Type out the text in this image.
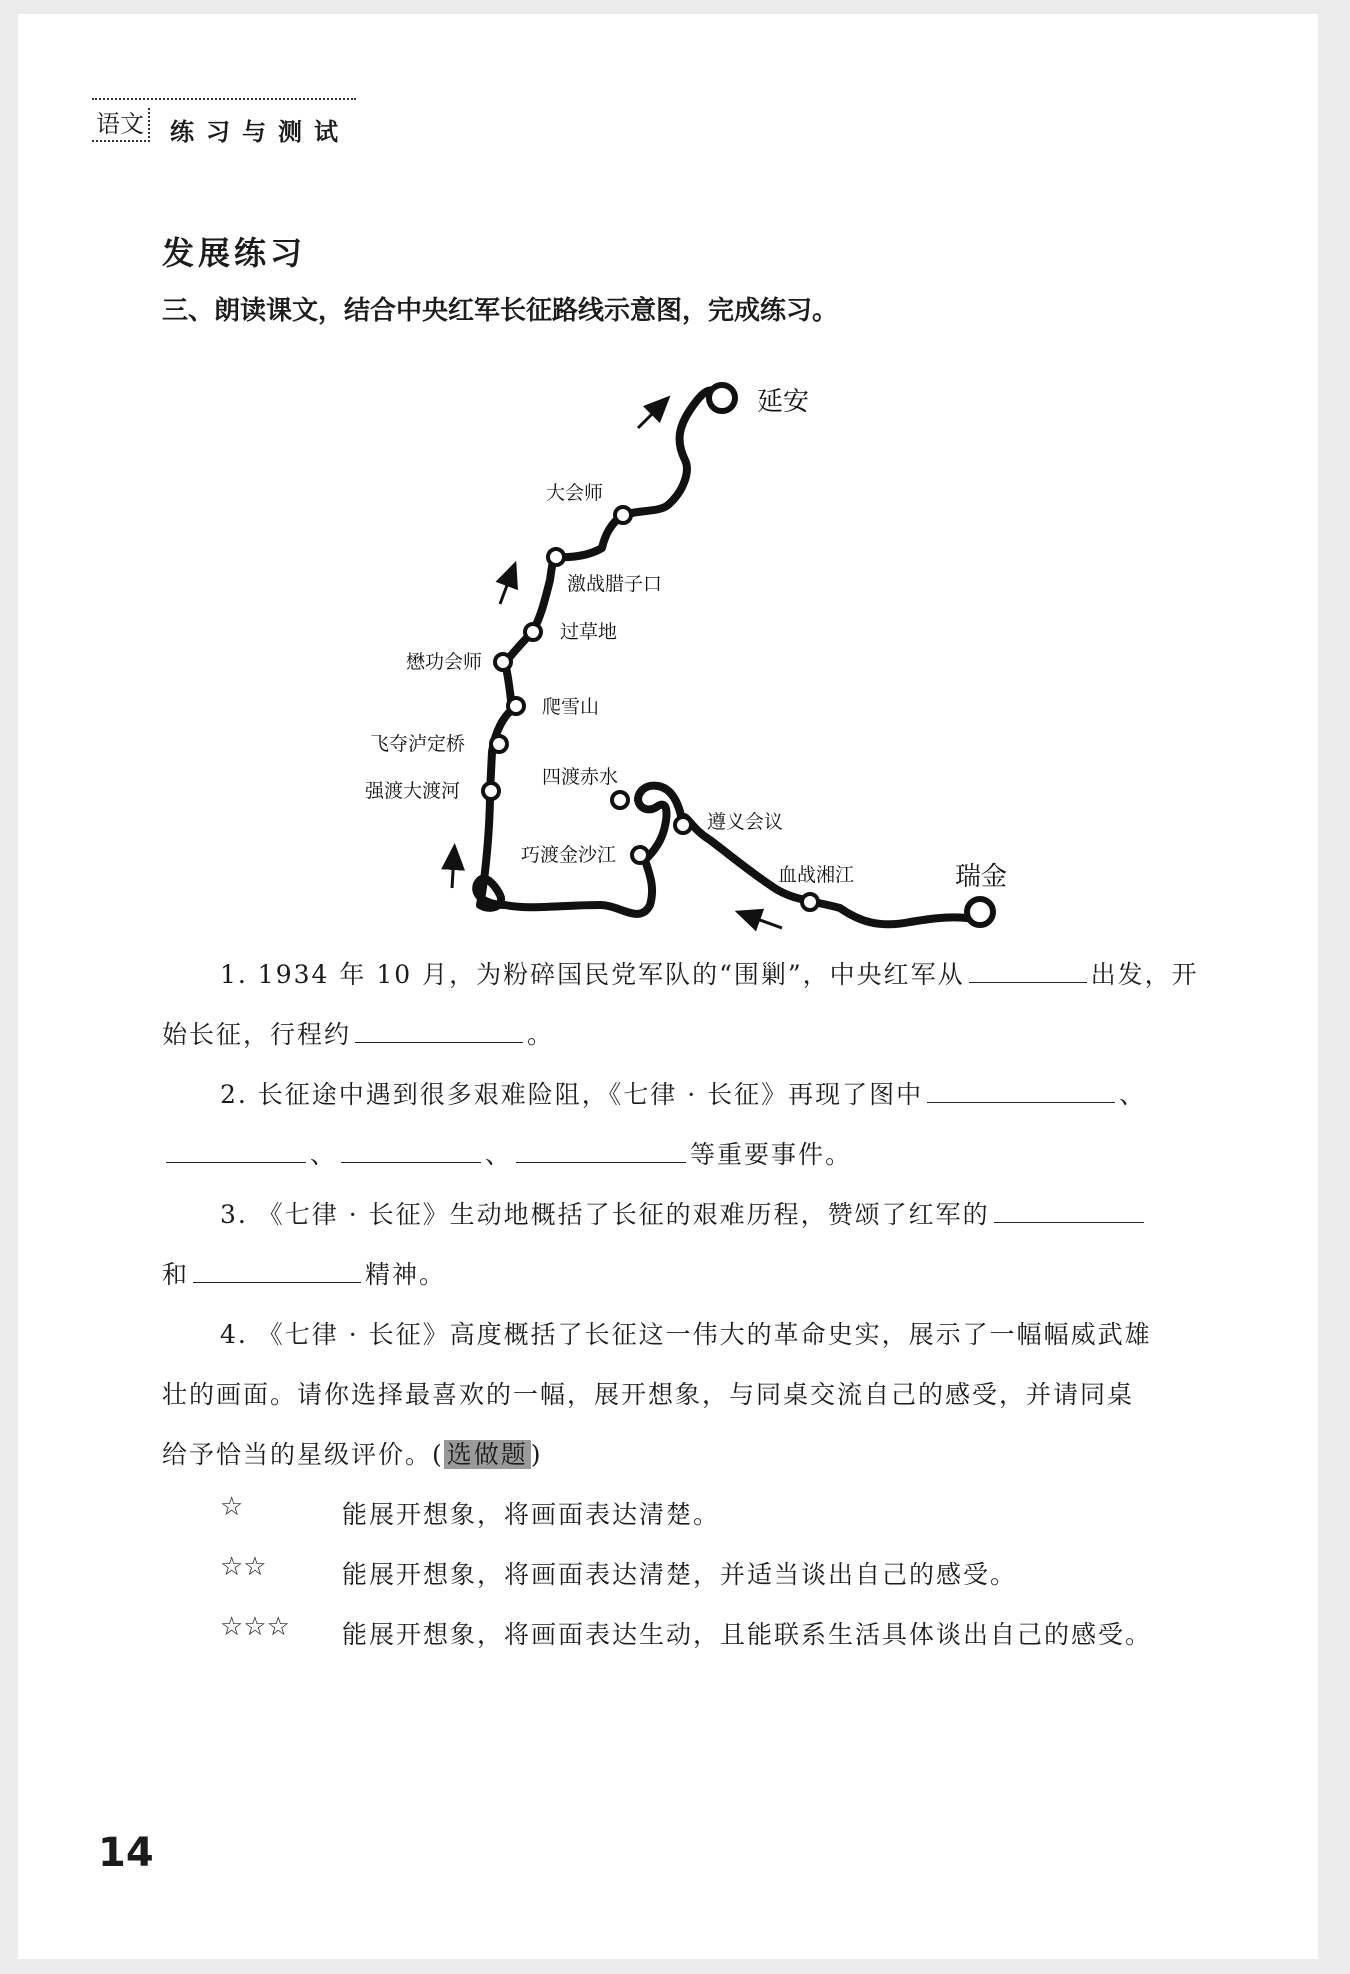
语文 练习与测试
发展练习
三、朗读课文，结合中央红军长征路线示意图，完成练习。
延安
大会师
激战腊子口
过草地
懋功会师
爬雪山
飞夺泸定桥
强渡大渡河
四渡赤水
遵义会议
巧渡金沙江
血战湘江	瑞金
1. 1934 年 10 月，为粉碎国民党军队的“围剿”，中央红军从	出发，开
始长征，行程约	。
2. 长征途中遇到很多艰难险阻，《七律 · 长征》再现了图中	、
、	、	等重要事件。
3. 《七律 · 长征》生动地概括了长征的艰难历程，赞颂了红军的
和	精神。
4. 《七律 · 长征》高度概括了长征这一伟大的革命史实，展示了一幅幅威武雄
壮的画面。请你选择最喜欢的一幅，展开想象，与同桌交流自己的感受，并请同桌
给予恰当的星级评价。( 选做题 )
☆	能展开想象，将画面表达清楚。
☆☆	能展开想象，将画面表达清楚，并适当谈出自己的感受。
☆☆☆	能展开想象，将画面表达生动，且能联系生活具体谈出自己的感受。
14
